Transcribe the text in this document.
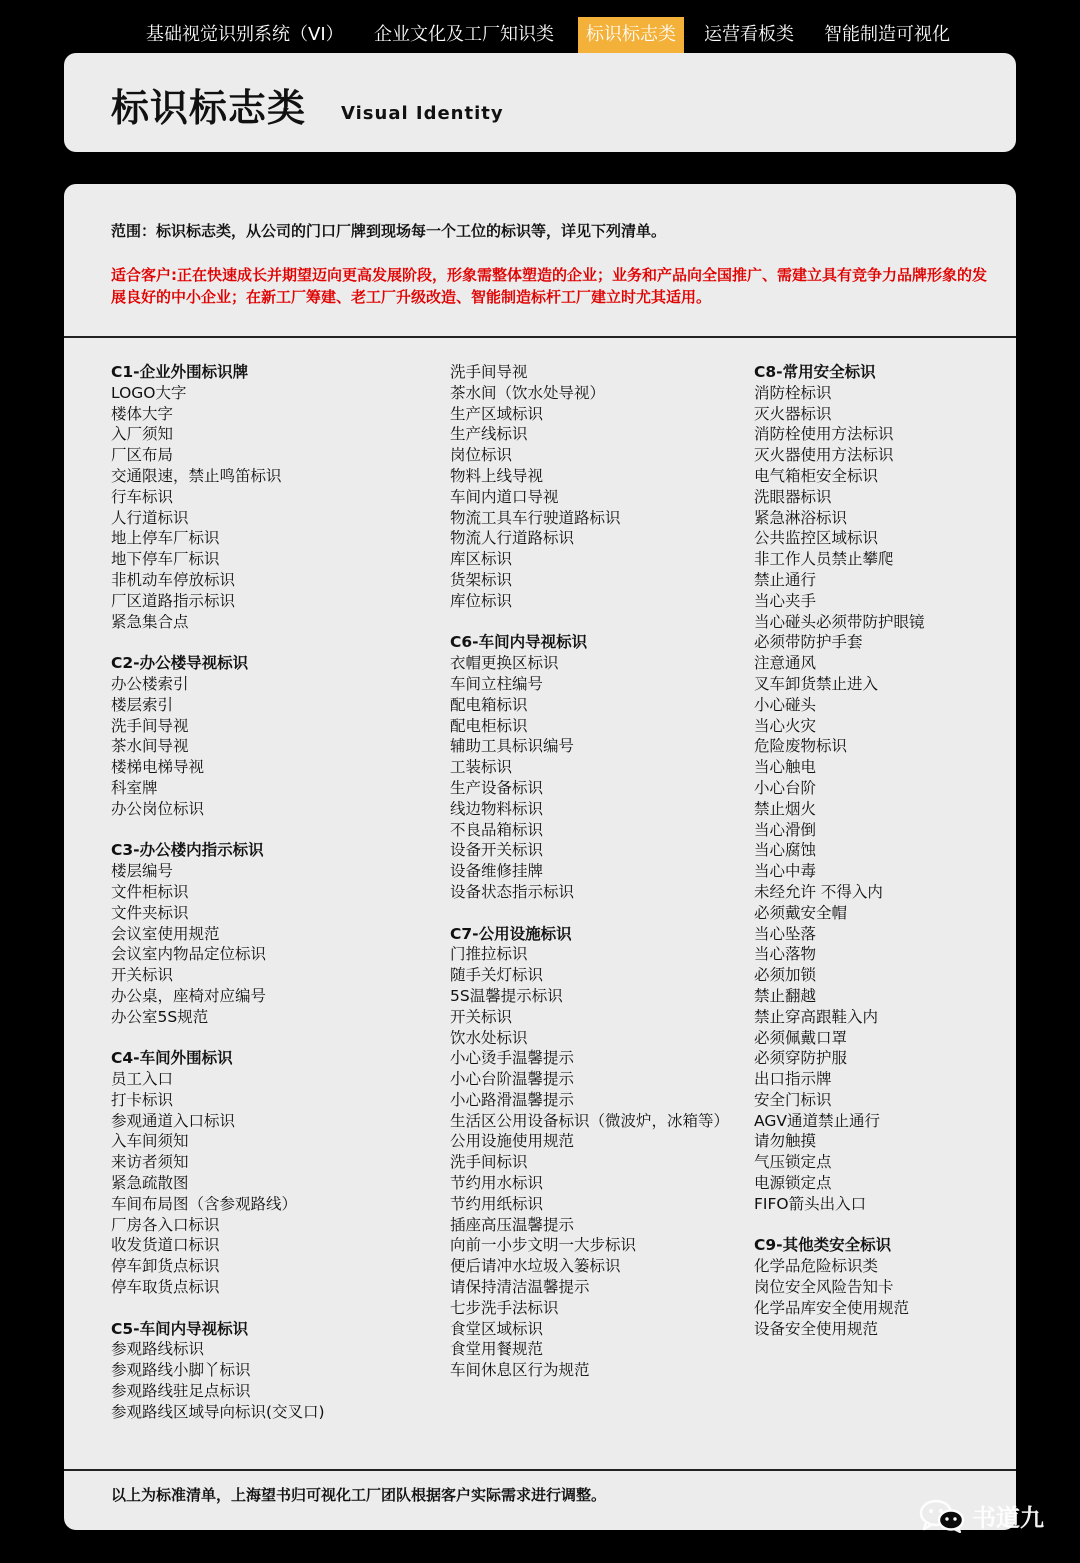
基础视觉识别系统（VI） 企业文化及工厂知识类	标识标志类	运营看板类 智能制造可视化
标识标志类 Visual Identity
范围：标识标志类，从公司的门口厂牌到现场每一个工位的标识等，详见下列清单。
适合客户:正在快速成长并期望迈向更高发展阶段，形象需整体塑造的企业；业务和产品向全国推广、需建立具有竞争力品牌形象的发展良好的中小企业；在新工厂筹建、老工厂升级改造、智能制造标杆工厂建立时尤其适用。
C1-企业外围标识牌
LOGO大字
楼体大字
入厂须知
厂区布局
交通限速，禁止鸣笛标识
行车标识
人行道标识
地上停车厂标识
地下停车厂标识
非机动车停放标识
厂区道路指示标识
紧急集合点
C2-办公楼导视标识
办公楼索引
楼层索引
洗手间导视
茶水间导视
楼梯电梯导视
科室牌
办公岗位标识
C3-办公楼内指示标识
楼层编号
文件柜标识
文件夹标识
会议室使用规范
会议室内物品定位标识
开关标识
办公桌，座椅对应编号
办公室5S规范
C4-车间外围标识
员工入口
打卡标识
参观通道入口标识
入车间须知
来访者须知
紧急疏散图
车间布局图（含参观路线）
厂房各入口标识
收发货道口标识
停车卸货点标识
停车取货点标识
C5-车间内导视标识
参观路线标识
参观路线小脚丫标识
参观路线驻足点标识
参观路线区域导向标识(交叉口)
洗手间导视
茶水间（饮水处导视）
生产区域标识
生产线标识
岗位标识
物料上线导视
车间内道口导视
物流工具车行驶道路标识
物流人行道路标识
库区标识
货架标识
库位标识
C6-车间内导视标识
衣帽更换区标识
车间立柱编号
配电箱标识
配电柜标识
辅助工具标识编号
工装标识
生产设备标识
线边物料标识
不良品箱标识
设备开关标识
设备维修挂牌
设备状态指示标识
C7-公用设施标识
门推拉标识
随手关灯标识
5S温馨提示标识
开关标识
饮水处标识
小心烫手温馨提示
小心台阶温馨提示
小心路滑温馨提示
生活区公用设备标识（微波炉，冰箱等）
公用设施使用规范
洗手间标识
节约用水标识
节约用纸标识
插座高压温馨提示
向前一小步文明一大步标识
便后请冲水垃圾入篓标识
请保持清洁温馨提示
七步洗手法标识
食堂区域标识
食堂用餐规范
车间休息区行为规范
C8-常用安全标识
消防栓标识
灭火器标识
消防栓使用方法标识
灭火器使用方法标识
电气箱柜安全标识
洗眼器标识
紧急淋浴标识
公共监控区域标识
非工作人员禁止攀爬
禁止通行
当心夹手
当心碰头必须带防护眼镜
必须带防护手套
注意通风
叉车卸货禁止进入
小心碰头
当心火灾
危险废物标识
当心触电
小心台阶
禁止烟火
当心滑倒
当心腐蚀
当心中毒
未经允许 不得入内
必须戴安全帽
当心坠落
当心落物
必须加锁
禁止翻越
禁止穿高跟鞋入内
必须佩戴口罩
必须穿防护服
出口指示牌
安全门标识
AGV通道禁止通行
请勿触摸
气压锁定点
电源锁定点
FIFO箭头出入口
C9-其他类安全标识
化学品危险标识类
岗位安全风险告知卡
化学品库安全使用规范
设备安全使用规范
以上为标准清单，上海望书归可视化工厂团队根据客户实际需求进行调整。
书道九
